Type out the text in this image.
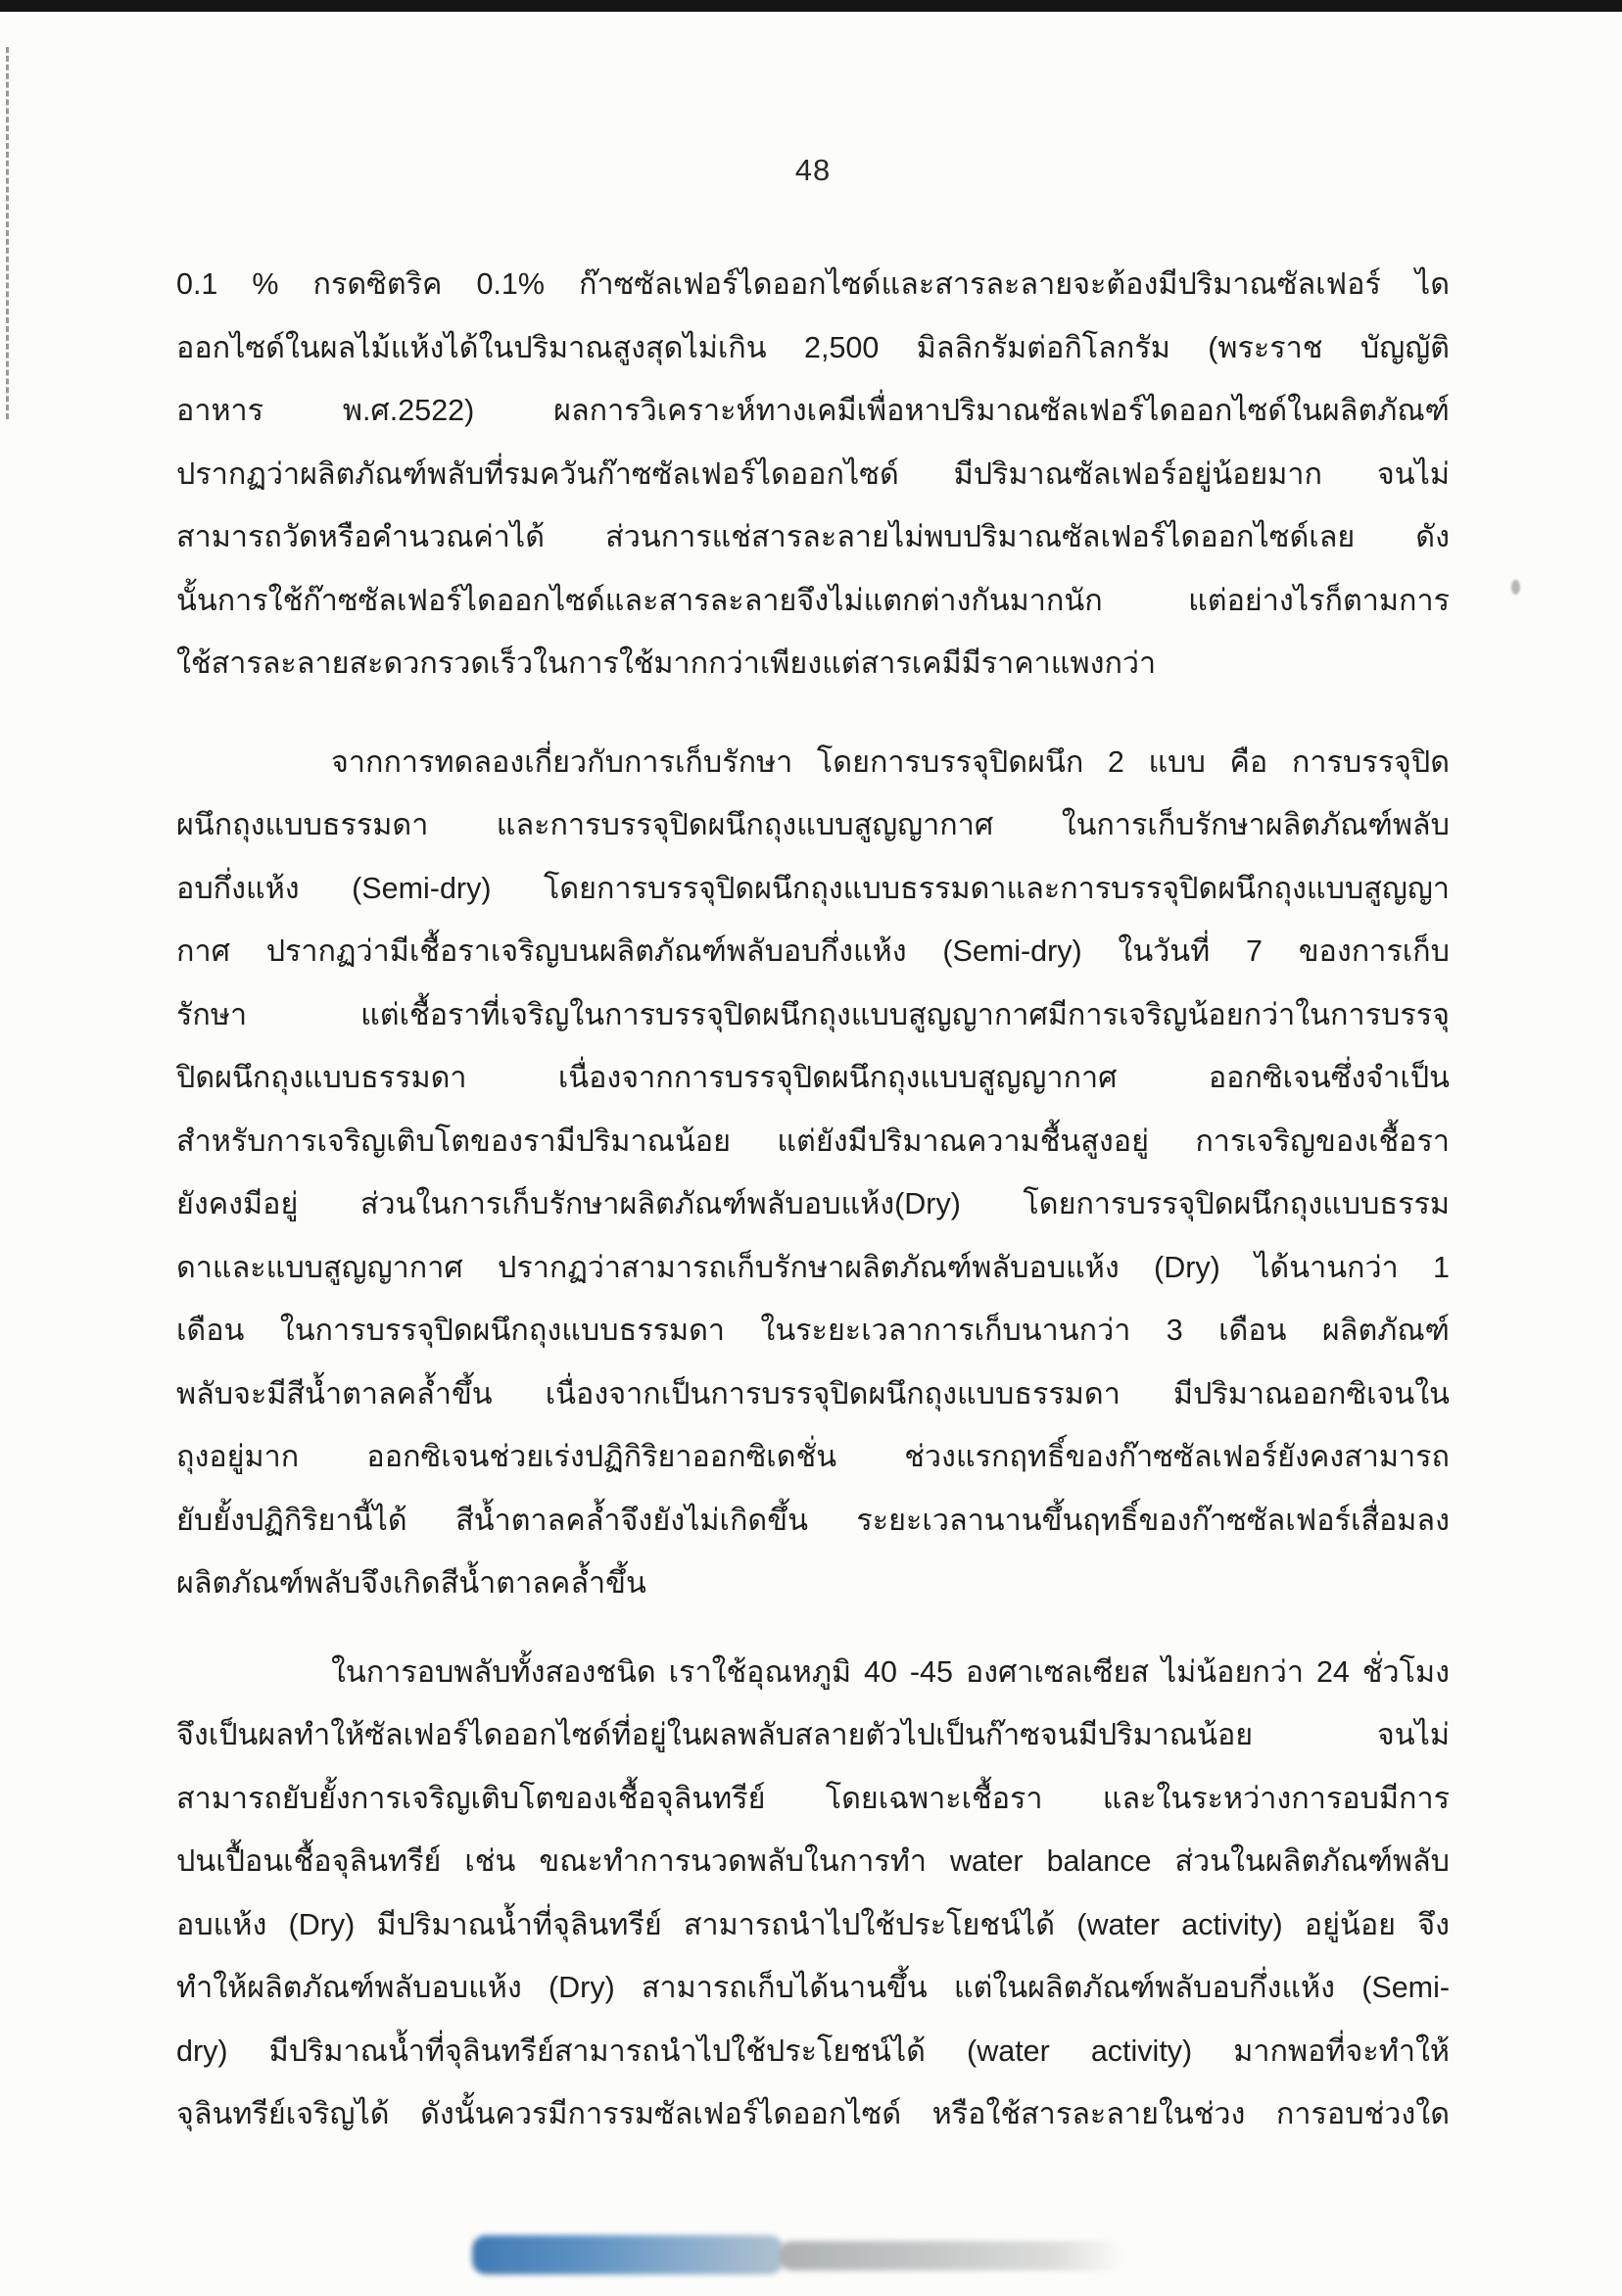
48
0.1 % กรดซิตริค 0.1% ก๊าซซัลเฟอร์ไดออกไซด์และสารละลายจะต้องมีปริมาณซัลเฟอร์ ได
ออกไซด์ในผลไม้แห้งได้ในปริมาณสูงสุดไม่เกิน 2,500 มิลลิกรัมต่อกิโลกรัม (พระราช บัญญัติ
อาหาร พ.ศ.2522) ผลการวิเคราะห์ทางเคมีเพื่อหาปริมาณซัลเฟอร์ไดออกไซด์ในผลิตภัณฑ์
ปรากฏว่าผลิตภัณฑ์พลับที่รมควันก๊าซซัลเฟอร์ไดออกไซด์ มีปริมาณซัลเฟอร์อยู่น้อยมาก จนไม่
สามารถวัดหรือคำนวณค่าได้ ส่วนการแช่สารละลายไม่พบปริมาณซัลเฟอร์ไดออกไซด์เลย ดัง
นั้นการใช้ก๊าซซัลเฟอร์ไดออกไซด์และสารละลายจึงไม่แตกต่างกันมากนัก แต่อย่างไรก็ตามการ
ใช้สารละลายสะดวกรวดเร็วในการใช้มากกว่าเพียงแต่สารเคมีมีราคาแพงกว่า
จากการทดลองเกี่ยวกับการเก็บรักษา โดยการบรรจุปิดผนึก 2 แบบ คือ การบรรจุปิด
ผนึกถุงแบบธรรมดา และการบรรจุปิดผนึกถุงแบบสูญญากาศ ในการเก็บรักษาผลิตภัณฑ์พลับ
อบกึ่งแห้ง (Semi-dry) โดยการบรรจุปิดผนึกถุงแบบธรรมดาและการบรรจุปิดผนึกถุงแบบสูญญา
กาศ ปรากฏว่ามีเชื้อราเจริญบนผลิตภัณฑ์พลับอบกึ่งแห้ง (Semi-dry) ในวันที่ 7 ของการเก็บ
รักษา แต่เชื้อราที่เจริญในการบรรจุปิดผนึกถุงแบบสูญญากาศมีการเจริญน้อยกว่าในการบรรจุ
ปิดผนึกถุงแบบธรรมดา เนื่องจากการบรรจุปิดผนึกถุงแบบสูญญากาศ ออกซิเจนซึ่งจำเป็น
สำหรับการเจริญเติบโตของรามีปริมาณน้อย แต่ยังมีปริมาณความชื้นสูงอยู่ การเจริญของเชื้อรา
ยังคงมีอยู่ ส่วนในการเก็บรักษาผลิตภัณฑ์พลับอบแห้ง(Dry) โดยการบรรจุปิดผนึกถุงแบบธรรม
ดาและแบบสูญญากาศ ปรากฏว่าสามารถเก็บรักษาผลิตภัณฑ์พลับอบแห้ง (Dry) ได้นานกว่า 1
เดือน ในการบรรจุปิดผนึกถุงแบบธรรมดา ในระยะเวลาการเก็บนานกว่า 3 เดือน ผลิตภัณฑ์
พลับจะมีสีน้ำตาลคล้ำขึ้น เนื่องจากเป็นการบรรจุปิดผนึกถุงแบบธรรมดา มีปริมาณออกซิเจนใน
ถุงอยู่มาก ออกซิเจนช่วยเร่งปฏิกิริยาออกซิเดชั่น ช่วงแรกฤทธิ์ของก๊าซซัลเฟอร์ยังคงสามารถ
ยับยั้งปฏิกิริยานี้ได้ สีน้ำตาลคล้ำจึงยังไม่เกิดขึ้น ระยะเวลานานขึ้นฤทธิ์ของก๊าซซัลเฟอร์เสื่อมลง
ผลิตภัณฑ์พลับจึงเกิดสีน้ำตาลคล้ำขึ้น
ในการอบพลับทั้งสองชนิด เราใช้อุณหภูมิ 40 -45 องศาเซลเซียส ไม่น้อยกว่า 24 ชั่วโมง
จึงเป็นผลทำให้ซัลเฟอร์ไดออกไซด์ที่อยู่ในผลพลับสลายตัวไปเป็นก๊าซจนมีปริมาณน้อย จนไม่
สามารถยับยั้งการเจริญเติบโตของเชื้อจุลินทรีย์ โดยเฉพาะเชื้อรา และในระหว่างการอบมีการ
ปนเปื้อนเชื้อจุลินทรีย์ เช่น ขณะทำการนวดพลับในการทำ water balance ส่วนในผลิตภัณฑ์พลับ
อบแห้ง (Dry) มีปริมาณน้ำที่จุลินทรีย์ สามารถนำไปใช้ประโยชน์ได้ (water activity) อยู่น้อย จึง
ทำให้ผลิตภัณฑ์พลับอบแห้ง (Dry) สามารถเก็บได้นานขึ้น แต่ในผลิตภัณฑ์พลับอบกึ่งแห้ง (Semi-
dry) มีปริมาณน้ำที่จุลินทรีย์สามารถนำไปใช้ประโยชน์ได้ (water activity) มากพอที่จะทำให้
จุลินทรีย์เจริญได้ ดังนั้นควรมีการรมซัลเฟอร์ไดออกไซด์ หรือใช้สารละลายในช่วง การอบช่วงใด
